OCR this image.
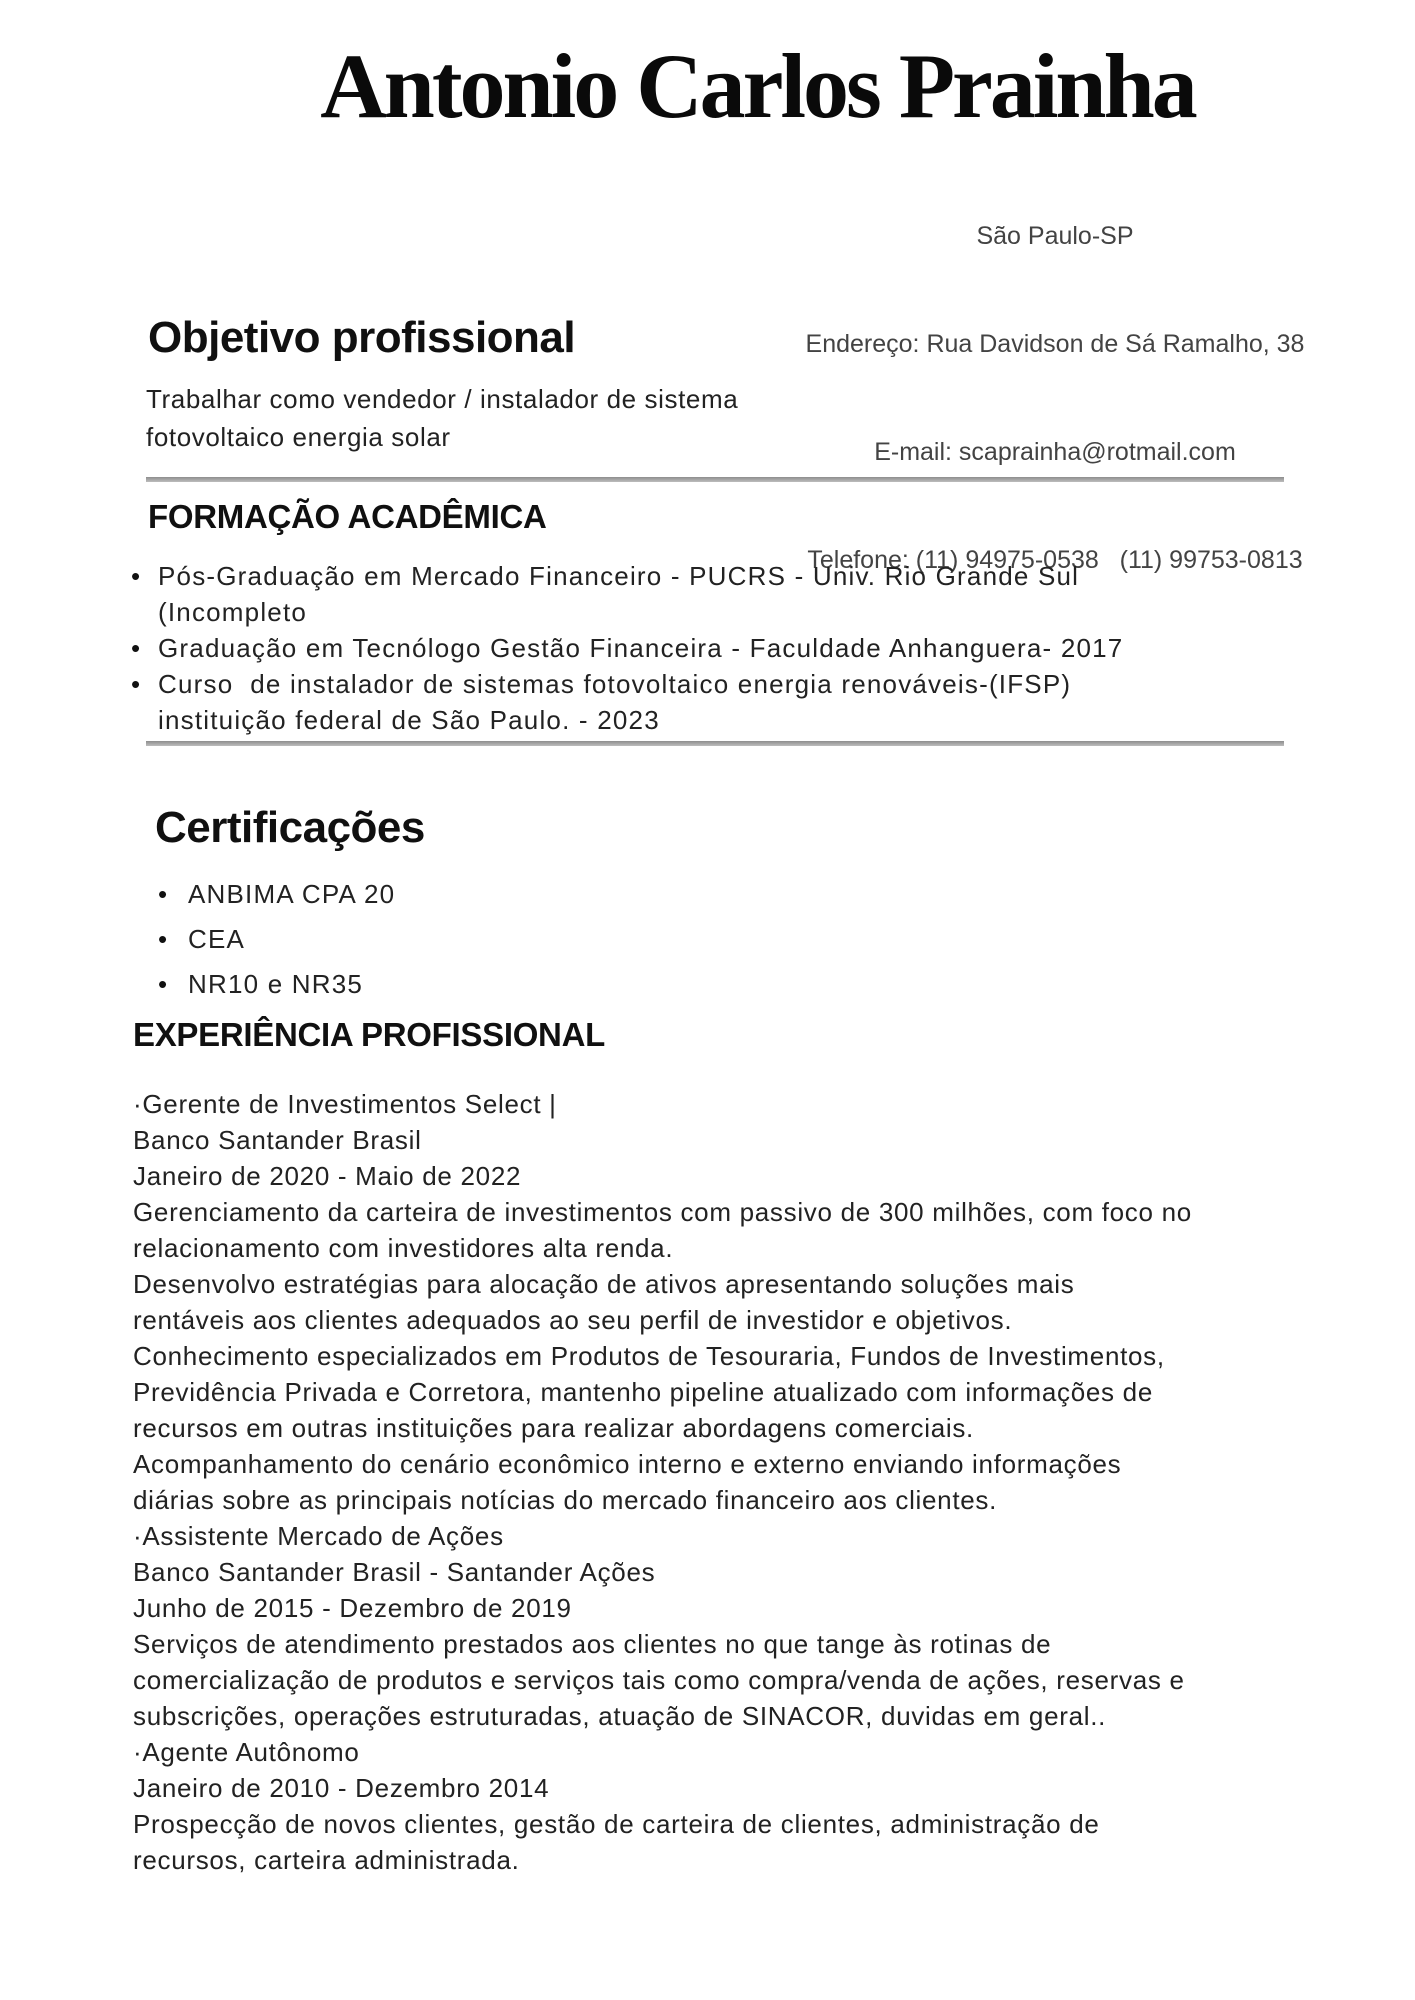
Antonio Carlos Prainha

São Paulo-SP

Endereço: Rua Davidson de Sá Ramalho, 38

E-mail: scaprainha@rotmail.com

Telefone: (11) 94975-0538   (11) 99753-0813

Objetivo profissional
Trabalhar como vendedor / instalador de sistema
fotovoltaico energia solar
FORMAÇÃO ACADÊMICA
• Pós-Graduação em Mercado Financeiro - PUCRS - Univ. Rio Grande Sul
(Incompleto
• Graduação em Tecnólogo Gestão Financeira - Faculdade Anhanguera- 2017
• Curso  de instalador de sistemas fotovoltaico energia renováveis-(IFSP)
instituição federal de São Paulo. - 2023
Certificações
• ANBIMA CPA 20
• CEA
• NR10 e NR35
EXPERIÊNCIA PROFISSIONAL
·Gerente de Investimentos Select |
Banco Santander Brasil
Janeiro de 2020 - Maio de 2022
Gerenciamento da carteira de investimentos com passivo de 300 milhões, com foco no
relacionamento com investidores alta renda.
Desenvolvo estratégias para alocação de ativos apresentando soluções mais
rentáveis aos clientes adequados ao seu perfil de investidor e objetivos.
Conhecimento especializados em Produtos de Tesouraria, Fundos de Investimentos,
Previdência Privada e Corretora, mantenho pipeline atualizado com informações de
recursos em outras instituições para realizar abordagens comerciais.
Acompanhamento do cenário econômico interno e externo enviando informações
diárias sobre as principais notícias do mercado financeiro aos clientes.
·Assistente Mercado de Ações
Banco Santander Brasil - Santander Ações
Junho de 2015 - Dezembro de 2019
Serviços de atendimento prestados aos clientes no que tange às rotinas de
comercialização de produtos e serviços tais como compra/venda de ações, reservas e
subscrições, operações estruturadas, atuação de SINACOR, duvidas em geral..
·Agente Autônomo
Janeiro de 2010 - Dezembro 2014
Prospecção de novos clientes, gestão de carteira de clientes, administração de
recursos, carteira administrada.
